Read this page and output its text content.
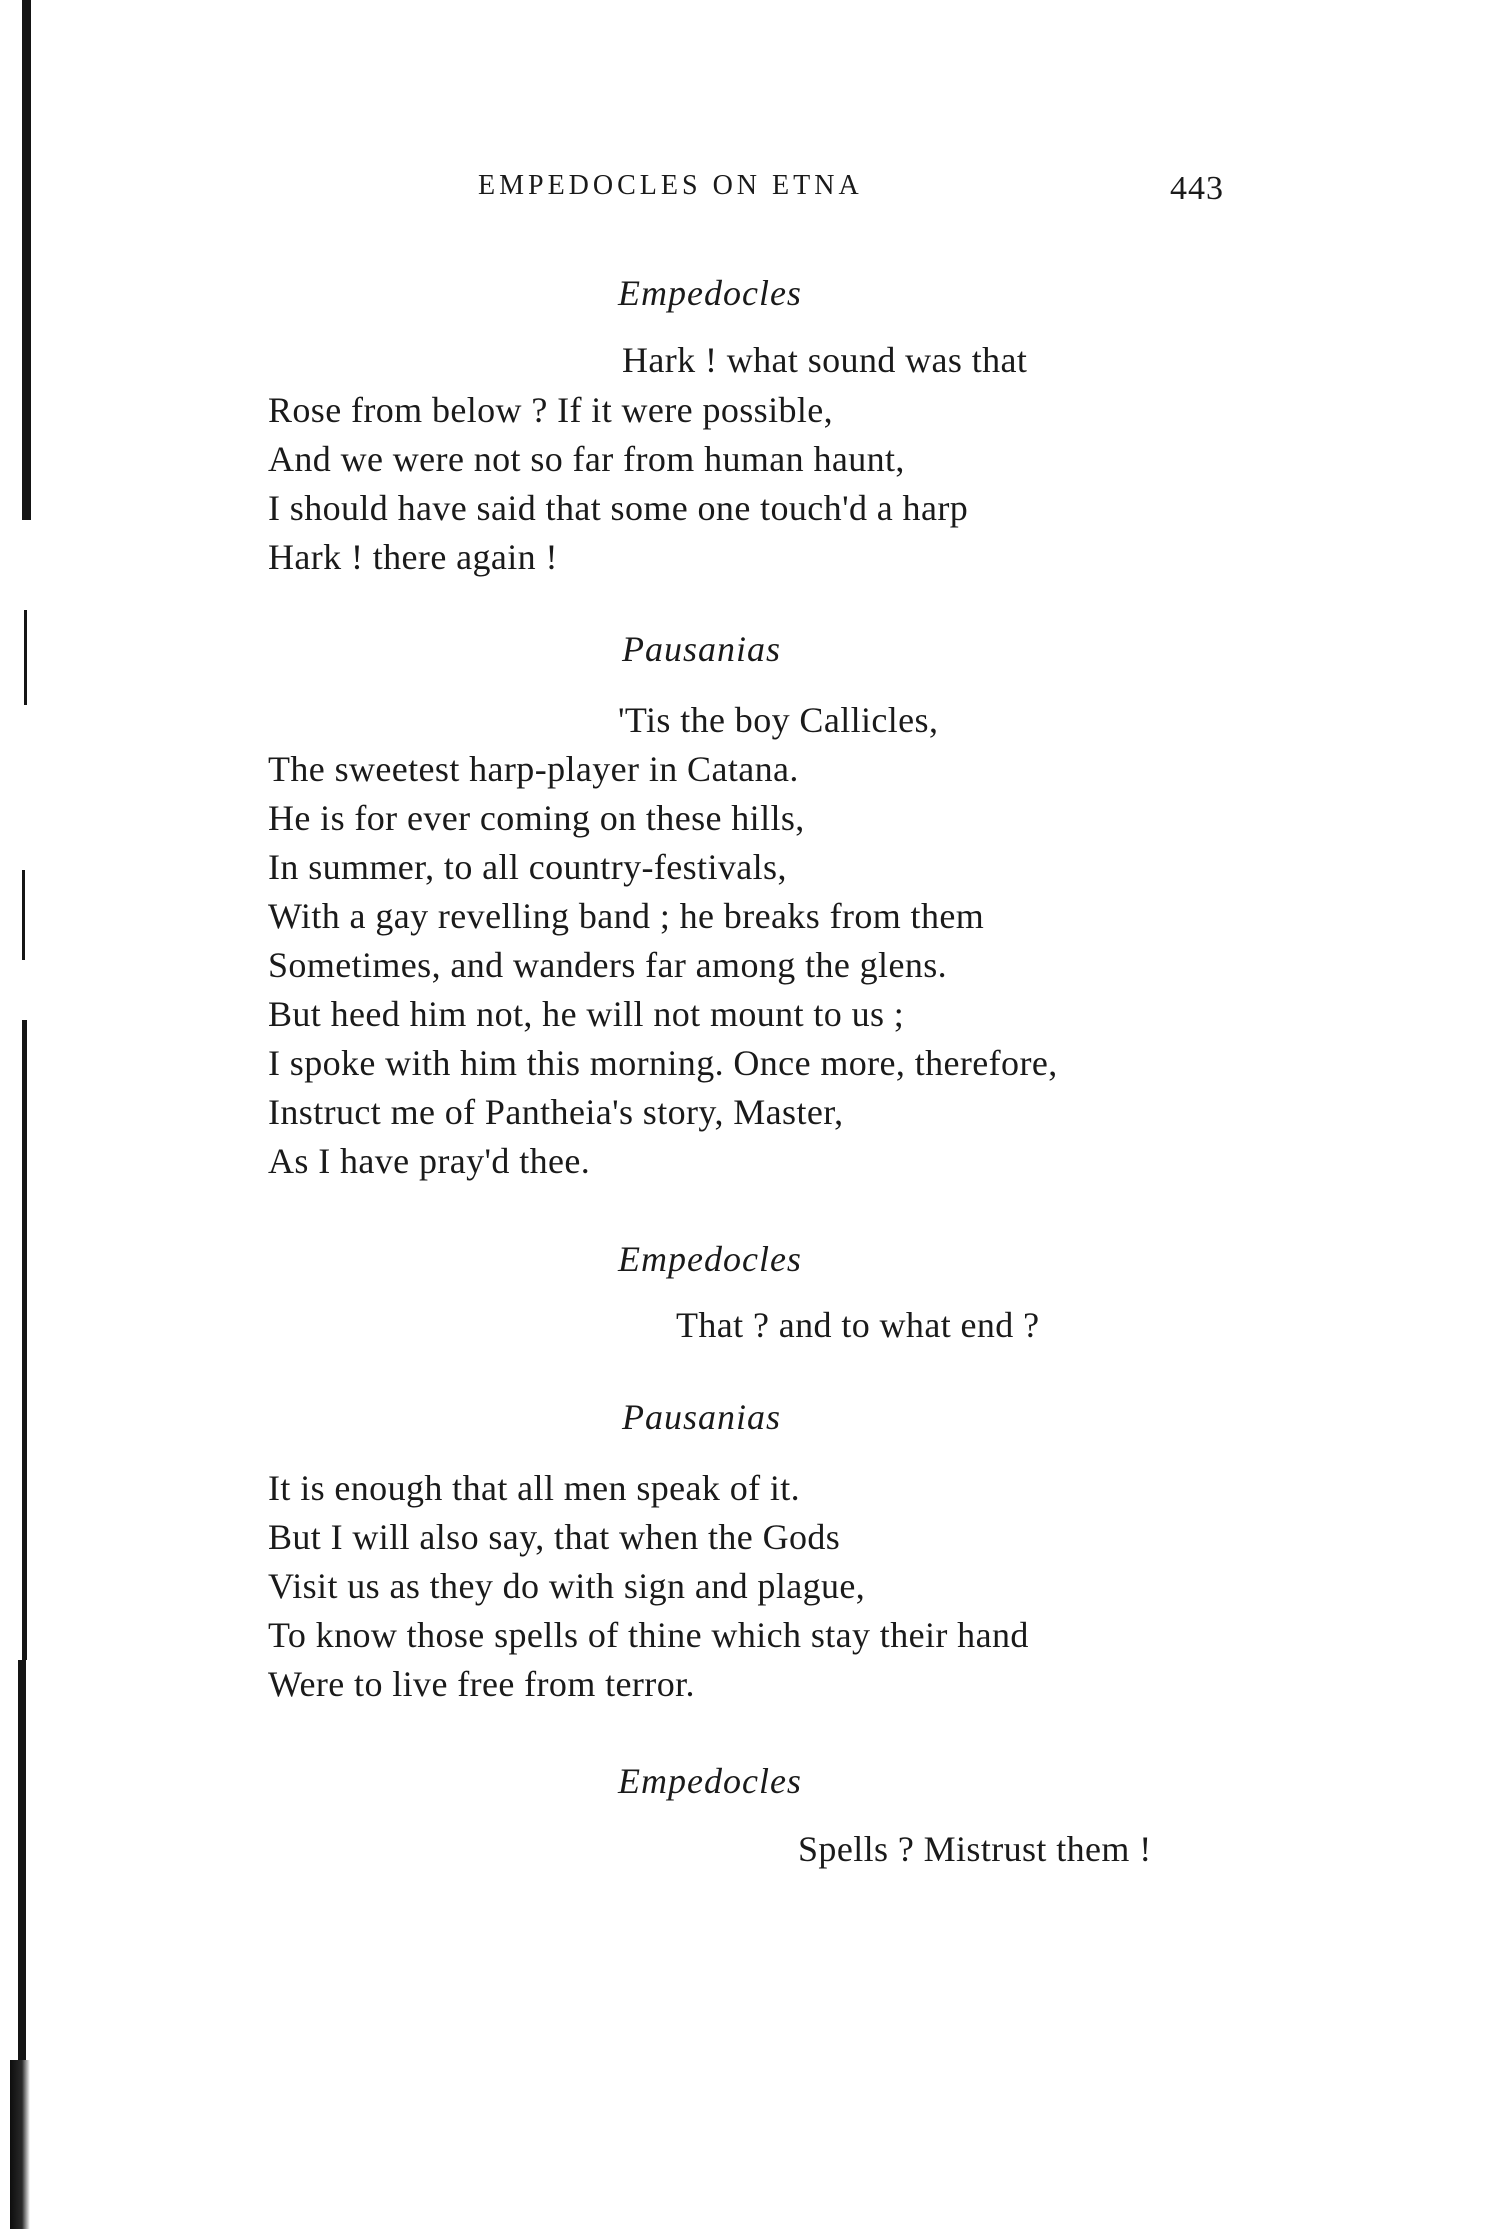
EMPEDOCLES ON ETNA	443
Empedocles
Hark ! what sound was that
Rose from below ? If it were possible,
And we were not so far from human haunt,
I should have said that some one touch'd a harp
Hark ! there again !
Pausanias
'Tis the boy Callicles,
The sweetest harp-player in Catana.
He is for ever coming on these hills,
In summer, to all country-festivals,
With a gay revelling band ; he breaks from them
Sometimes, and wanders far among the glens.
But heed him not, he will not mount to us ;
I spoke with him this morning. Once more, therefore,
Instruct me of Pantheia's story, Master,
As I have pray'd thee.
Empedocles
That ? and to what end ?
Pausanias
It is enough that all men speak of it.
But I will also say, that when the Gods
Visit us as they do with sign and plague,
To know those spells of thine which stay their hand
Were to live free from terror.
Empedocles
Spells ? Mistrust them !
